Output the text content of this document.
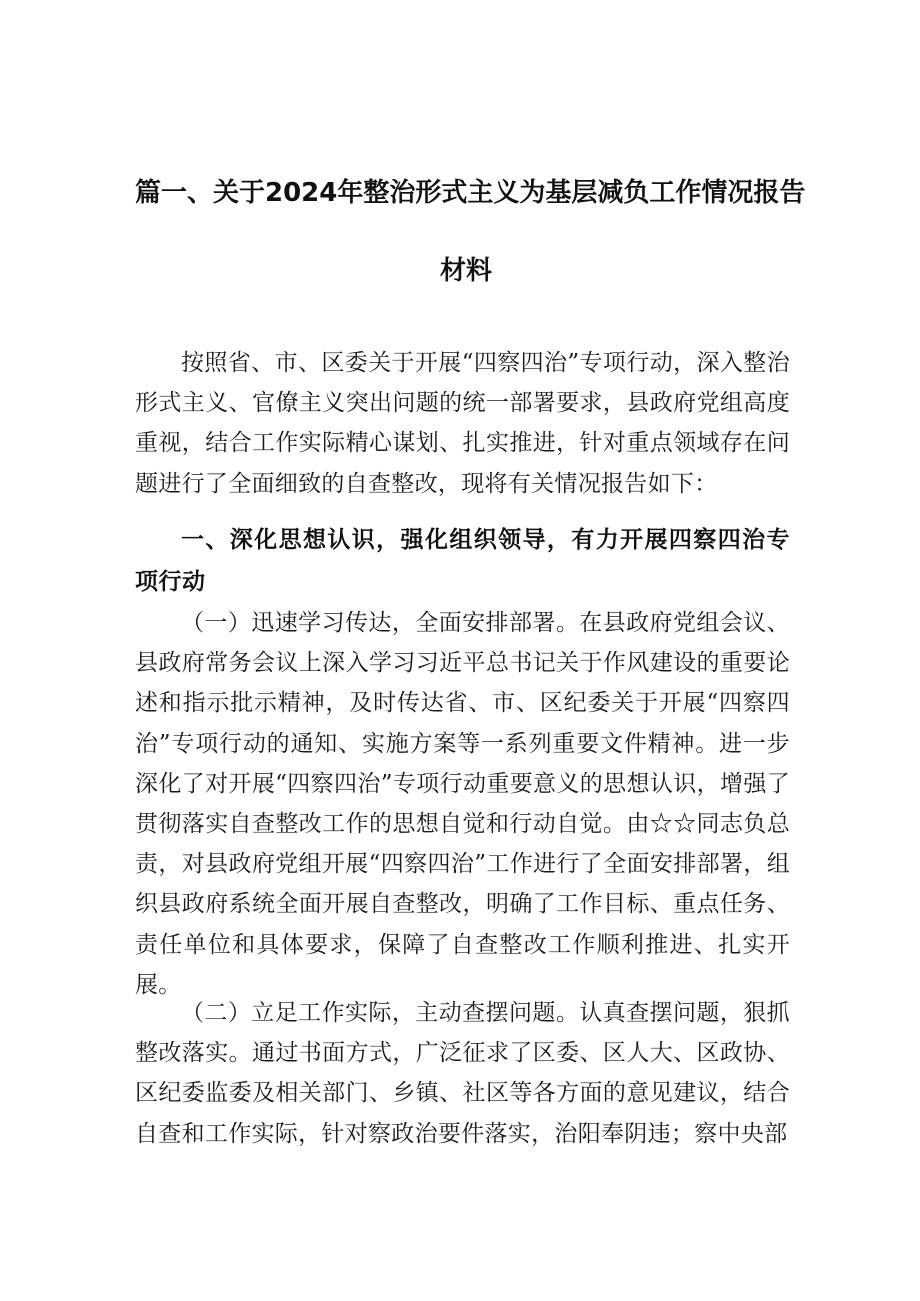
篇一、关于2024年整治形式主义为基层减负工作情况报告
材料
按照省、市、区委关于开展“四察四治”专项行动，深入整治形式主义、官僚主义突出问题的统一部署要求，县政府党组高度重视，结合工作实际精心谋划、扎实推进，针对重点领域存在问题进行了全面细致的自查整改，现将有关情况报告如下：
一、深化思想认识，强化组织领导，有力开展四察四治专项行动
（一）迅速学习传达，全面安排部署。在县政府党组会议、县政府常务会议上深入学习习近平总书记关于作风建设的重要论述和指示批示精神，及时传达省、市、区纪委关于开展“四察四治”专项行动的通知、实施方案等一系列重要文件精神。进一步深化了对开展“四察四治”专项行动重要意义的思想认识，增强了贯彻落实自查整改工作的思想自觉和行动自觉。由☆☆同志负总责，对县政府党组开展“四察四治”工作进行了全面安排部署，组织县政府系统全面开展自查整改，明确了工作目标、重点任务、责任单位和具体要求，保障了自查整改工作顺利推进、扎实开展。
（二）立足工作实际，主动查摆问题。认真查摆问题，狠抓整改落实。通过书面方式，广泛征求了区委、区人大、区政协、区纪委监委及相关部门、乡镇、社区等各方面的意见建议，结合自查和工作实际，针对察政治要件落实，治阳奉阴违；察中央部
